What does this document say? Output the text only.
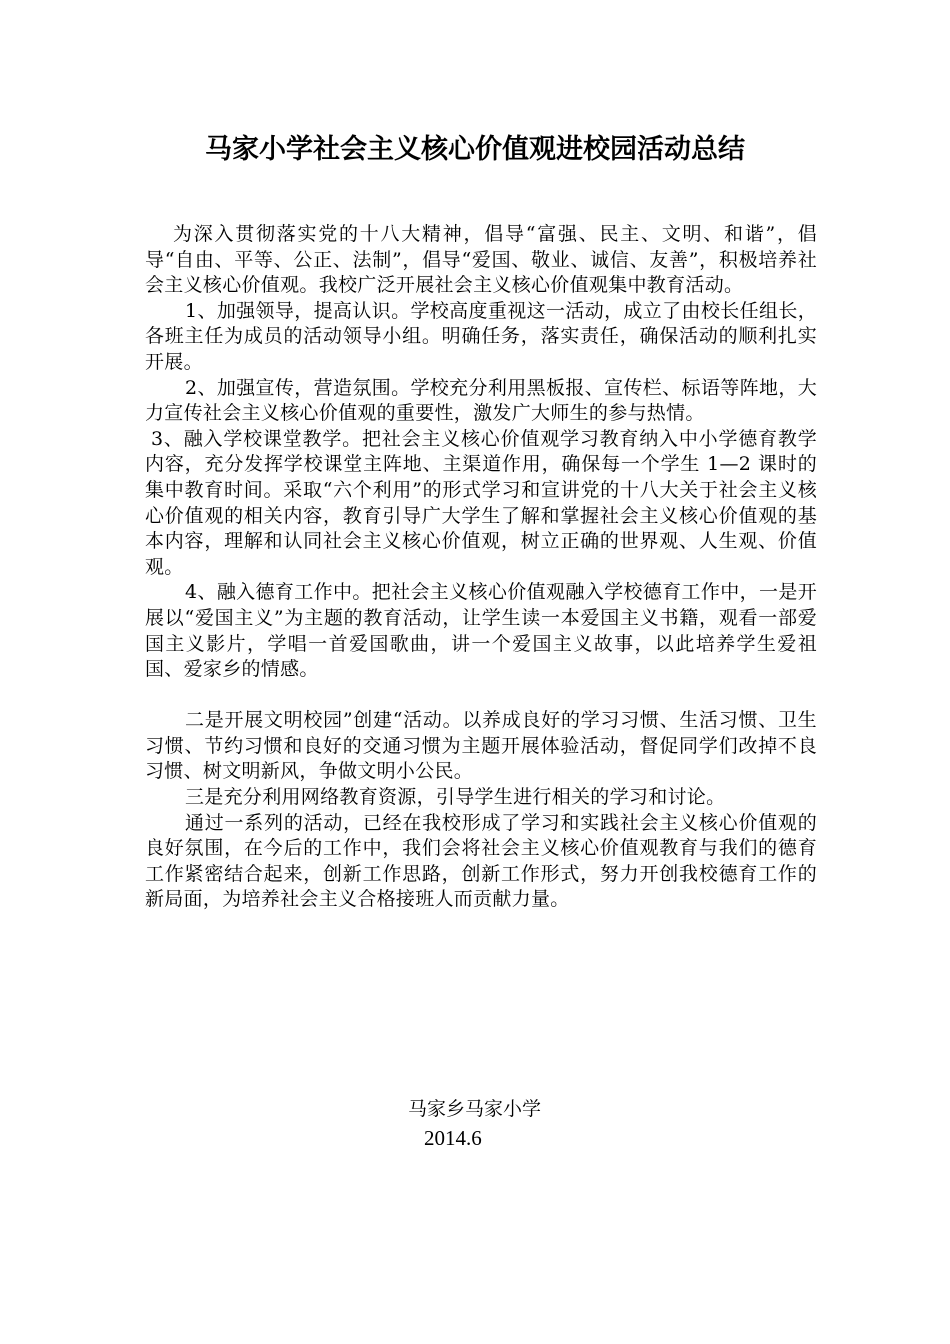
马家小学社会主义核心价值观进校园活动总结

为深入贯彻落实党的十八大精神，倡导“富强、民主、文明、和谐”，倡导“自由、平等、公正、法制”，倡导“爱国、敬业、诚信、友善”，积极培养社会主义核心价值观。我校广泛开展社会主义核心价值观集中教育活动。

1、加强领导，提高认识。学校高度重视这一活动，成立了由校长任组长，各班主任为成员的活动领导小组。明确任务，落实责任，确保活动的顺利扎实开展。

2、加强宣传，营造氛围。学校充分利用黑板报、宣传栏、标语等阵地，大力宣传社会主义核心价值观的重要性，激发广大师生的参与热情。

3、融入学校课堂教学。把社会主义核心价值观学习教育纳入中小学德育教学内容，充分发挥学校课堂主阵地、主渠道作用，确保每一个学生 1—2 课时的集中教育时间。采取“六个利用”的形式学习和宣讲党的十八大关于社会主义核心价值观的相关内容，教育引导广大学生了解和掌握社会主义核心价值观的基本内容，理解和认同社会主义核心价值观，树立正确的世界观、人生观、价值观。

4、融入德育工作中。把社会主义核心价值观融入学校德育工作中，一是开展以“爱国主义”为主题的教育活动，让学生读一本爱国主义书籍，观看一部爱国主义影片，学唱一首爱国歌曲，讲一个爱国主义故事，以此培养学生爱祖国、爱家乡的情感。

二是开展文明校园”创建“活动。以养成良好的学习习惯、生活习惯、卫生习惯、节约习惯和良好的交通习惯为主题开展体验活动，督促同学们改掉不良习惯、树文明新风，争做文明小公民。

三是充分利用网络教育资源，引导学生进行相关的学习和讨论。

通过一系列的活动，已经在我校形成了学习和实践社会主义核心价值观的良好氛围，在今后的工作中，我们会将社会主义核心价值观教育与我们的德育工作紧密结合起来，创新工作思路，创新工作形式，努力开创我校德育工作的新局面，为培养社会主义合格接班人而贡献力量。

马家乡马家小学
2014.6
